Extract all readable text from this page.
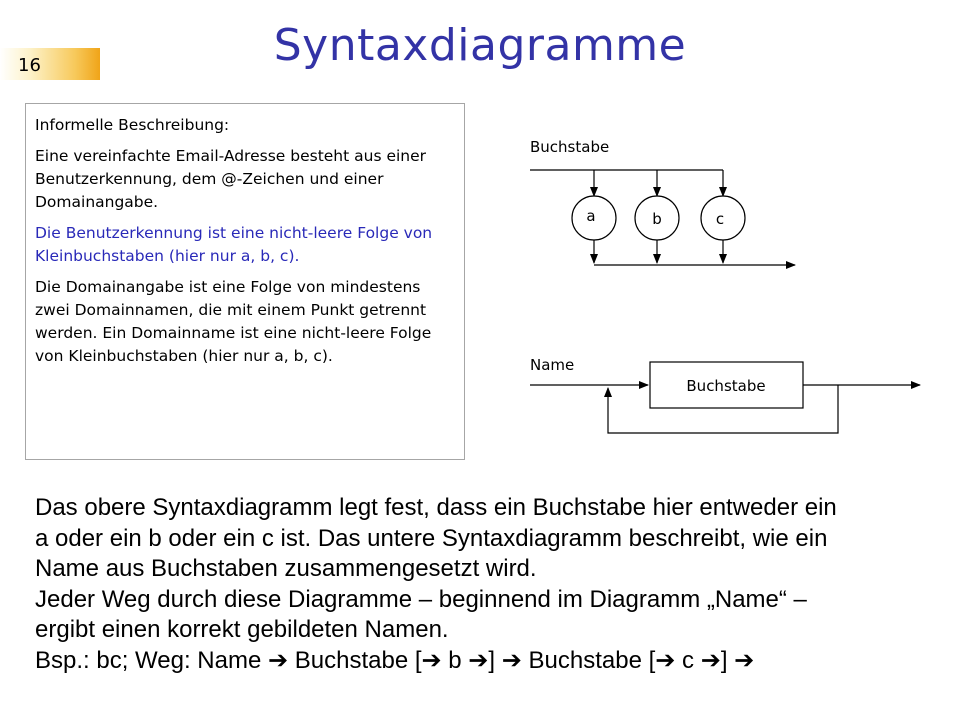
16	Syntaxdiagramme

Informelle Beschreibung:

Eine vereinfachte Email-Adresse besteht aus einer Benutzerkennung, dem @-Zeichen und einer Domainangabe.

Die Benutzerkennung ist eine nicht-leere Folge von Kleinbuchstaben (hier nur a, b, c).

Die Domainangabe ist eine Folge von mindestens zwei Domainnamen, die mit einem Punkt getrennt werden. Ein Domainname ist eine nicht-leere Folge von Kleinbuchstaben (hier nur a, b, c).

Buchstabe
a	b	c
Name
Buchstabe
Das obere Syntaxdiagramm legt fest, dass ein Buchstabe hier entweder ein
a oder ein b oder ein c ist. Das untere Syntaxdiagramm beschreibt, wie ein
Name aus Buchstaben zusammengesetzt wird.
Jeder Weg durch diese Diagramme – beginnend im Diagramm „Name“ –
ergibt einen korrekt gebildeten Namen.
Bsp.: bc; Weg: Name ➔ Buchstabe [➔ b ➔] ➔ Buchstabe [➔ c ➔] ➔
